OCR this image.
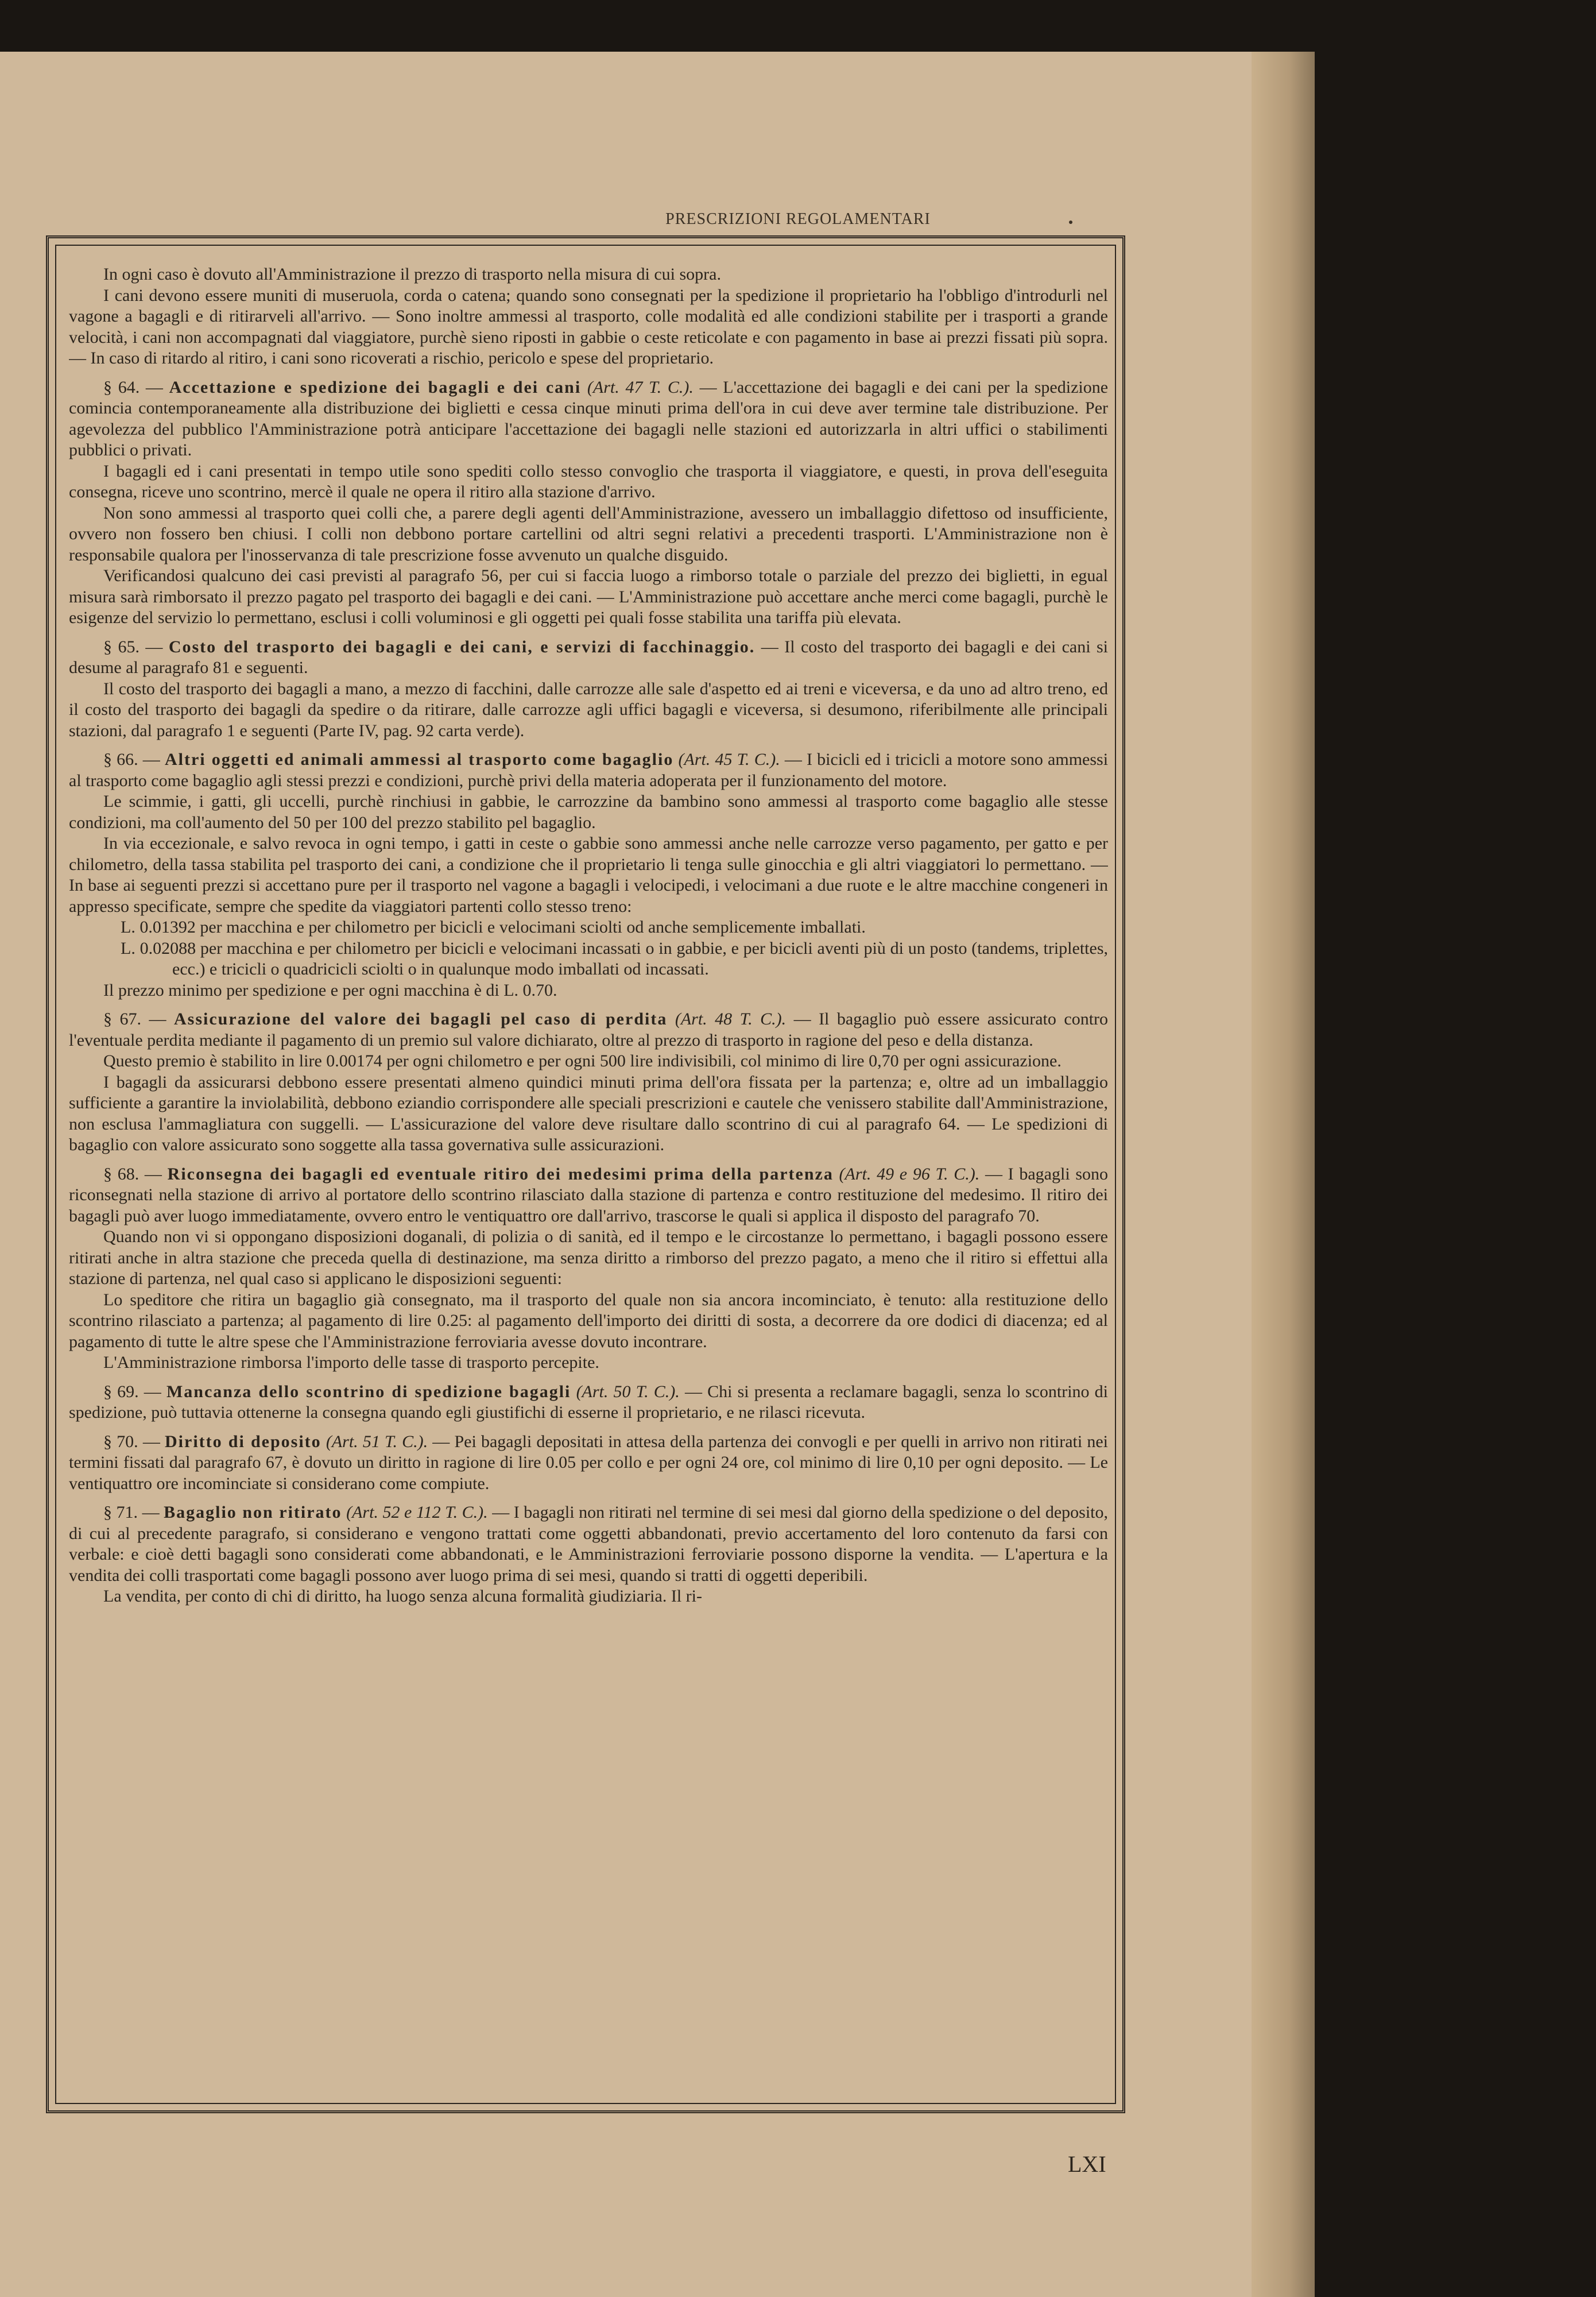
PRESCRIZIONI REGOLAMENTARI

In ogni caso è dovuto all'Amministrazione il prezzo di trasporto nella misura di cui sopra.

I cani devono essere muniti di museruola, corda o catena; quando sono consegnati per la spedizione il proprietario ha l'obbligo d'introdurli nel vagone a bagagli e di ritirarveli all'arrivo. — Sono inoltre ammessi al trasporto, colle modalità ed alle condizioni stabilite per i trasporti a grande velocità, i cani non accompagnati dal viaggiatore, purchè sieno riposti in gabbie o ceste reticolate e con pagamento in base ai prezzi fissati più sopra. — In caso di ritardo al ritiro, i cani sono ricoverati a rischio, pericolo e spese del proprietario.

§ 64. — Accettazione e spedizione dei bagagli e dei cani (Art. 47 T. C.). — L'accettazione dei bagagli e dei cani per la spedizione comincia contemporaneamente alla distribuzione dei biglietti e cessa cinque minuti prima dell'ora in cui deve aver termine tale distribuzione. Per agevolezza del pubblico l'Amministrazione potrà anticipare l'accettazione dei bagagli nelle stazioni ed autorizzarla in altri uffici o stabilimenti pubblici o privati.

I bagagli ed i cani presentati in tempo utile sono spediti collo stesso convoglio che trasporta il viaggiatore, e questi, in prova dell'eseguita consegna, riceve uno scontrino, mercè il quale ne opera il ritiro alla stazione d'arrivo.

Non sono ammessi al trasporto quei colli che, a parere degli agenti dell'Amministrazione, avessero un imballaggio difettoso od insufficiente, ovvero non fossero ben chiusi. I colli non debbono portare cartellini od altri segni relativi a precedenti trasporti. L'Amministrazione non è responsabile qualora per l'inosservanza di tale prescrizione fosse avvenuto un qualche disguido.

Verificandosi qualcuno dei casi previsti al paragrafo 56, per cui si faccia luogo a rimborso totale o parziale del prezzo dei biglietti, in egual misura sarà rimborsato il prezzo pagato pel trasporto dei bagagli e dei cani. — L'Amministrazione può accettare anche merci come bagagli, purchè le esigenze del servizio lo permettano, esclusi i colli voluminosi e gli oggetti pei quali fosse stabilita una tariffa più elevata.

§ 65. — Costo del trasporto dei bagagli e dei cani, e servizi di facchinaggio. — Il costo del trasporto dei bagagli e dei cani si desume al paragrafo 81 e seguenti.

Il costo del trasporto dei bagagli a mano, a mezzo di facchini, dalle carrozze alle sale d'aspetto ed ai treni e viceversa, e da uno ad altro treno, ed il costo del trasporto dei bagagli da spedire o da ritirare, dalle carrozze agli uffici bagagli e viceversa, si desumono, riferibilmente alle principali stazioni, dal paragrafo 1 e seguenti (Parte IV, pag. 92 carta verde).

§ 66. — Altri oggetti ed animali ammessi al trasporto come bagaglio (Art. 45 T. C.). — I bicicli ed i tricicli a motore sono ammessi al trasporto come bagaglio agli stessi prezzi e condizioni, purchè privi della materia adoperata per il funzionamento del motore.

Le scimmie, i gatti, gli uccelli, purchè rinchiusi in gabbie, le carrozzine da bambino sono ammessi al trasporto come bagaglio alle stesse condizioni, ma coll'aumento del 50 per 100 del prezzo stabilito pel bagaglio.

In via eccezionale, e salvo revoca in ogni tempo, i gatti in ceste o gabbie sono ammessi anche nelle carrozze verso pagamento, per gatto e per chilometro, della tassa stabilita pel trasporto dei cani, a condizione che il proprietario li tenga sulle ginocchia e gli altri viaggiatori lo permettano. — In base ai seguenti prezzi si accettano pure per il trasporto nel vagone a bagagli i velocipedi, i velocimani a due ruote e le altre macchine congeneri in appresso specificate, sempre che spedite da viaggiatori partenti collo stesso treno:

L. 0.01392 per macchina e per chilometro per bicicli e velocimani sciolti od anche semplicemente imballati.

L. 0.02088 per macchina e per chilometro per bicicli e velocimani incassati o in gabbie, e per bicicli aventi più di un posto (tandems, triplettes, ecc.) e tricicli o quadricicli sciolti o in qualunque modo imballati od incassati.

Il prezzo minimo per spedizione e per ogni macchina è di L. 0.70.

§ 67. — Assicurazione del valore dei bagagli pel caso di perdita (Art. 48 T. C.). — Il bagaglio può essere assicurato contro l'eventuale perdita mediante il pagamento di un premio sul valore dichiarato, oltre al prezzo di trasporto in ragione del peso e della distanza.

Questo premio è stabilito in lire 0.00174 per ogni chilometro e per ogni 500 lire indivisibili, col minimo di lire 0,70 per ogni assicurazione.

I bagagli da assicurarsi debbono essere presentati almeno quindici minuti prima dell'ora fissata per la partenza; e, oltre ad un imballaggio sufficiente a garantire la inviolabilità, debbono eziandio corrispondere alle speciali prescrizioni e cautele che venissero stabilite dall'Amministrazione, non esclusa l'ammagliatura con suggelli. — L'assicurazione del valore deve risultare dallo scontrino di cui al paragrafo 64. — Le spedizioni di bagaglio con valore assicurato sono soggette alla tassa governativa sulle assicurazioni.

§ 68. — Riconsegna dei bagagli ed eventuale ritiro dei medesimi prima della partenza (Art. 49 e 96 T. C.). — I bagagli sono riconsegnati nella stazione di arrivo al portatore dello scontrino rilasciato dalla stazione di partenza e contro restituzione del medesimo. Il ritiro dei bagagli può aver luogo immediatamente, ovvero entro le ventiquattro ore dall'arrivo, trascorse le quali si applica il disposto del paragrafo 70.

Quando non vi si oppongano disposizioni doganali, di polizia o di sanità, ed il tempo e le circostanze lo permettano, i bagagli possono essere ritirati anche in altra stazione che preceda quella di destinazione, ma senza diritto a rimborso del prezzo pagato, a meno che il ritiro si effettui alla stazione di partenza, nel qual caso si applicano le disposizioni seguenti:

Lo speditore che ritira un bagaglio già consegnato, ma il trasporto del quale non sia ancora incominciato, è tenuto: alla restituzione dello scontrino rilasciato a partenza; al pagamento di lire 0.25: al pagamento dell'importo dei diritti di sosta, a decorrere da ore dodici di diacenza; ed al pagamento di tutte le altre spese che l'Amministrazione ferroviaria avesse dovuto incontrare.

L'Amministrazione rimborsa l'importo delle tasse di trasporto percepite.

§ 69. — Mancanza dello scontrino di spedizione bagagli (Art. 50 T. C.). — Chi si presenta a reclamare bagagli, senza lo scontrino di spedizione, può tuttavia ottenerne la consegna quando egli giustifichi di esserne il proprietario, e ne rilasci ricevuta.

§ 70. — Diritto di deposito (Art. 51 T. C.). — Pei bagagli depositati in attesa della partenza dei convogli e per quelli in arrivo non ritirati nei termini fissati dal paragrafo 67, è dovuto un diritto in ragione di lire 0.05 per collo e per ogni 24 ore, col minimo di lire 0,10 per ogni deposito. — Le ventiquattro ore incominciate si considerano come compiute.

§ 71. — Bagaglio non ritirato (Art. 52 e 112 T. C.). — I bagagli non ritirati nel termine di sei mesi dal giorno della spedizione o del deposito, di cui al precedente paragrafo, si considerano e vengono trattati come oggetti abbandonati, previo accertamento del loro contenuto da farsi con verbale: e cioè detti bagagli sono considerati come abbandonati, e le Amministrazioni ferroviarie possono disporne la vendita. — L'apertura e la vendita dei colli trasportati come bagagli possono aver luogo prima di sei mesi, quando si tratti di oggetti deperibili.

La vendita, per conto di chi di diritto, ha luogo senza alcuna formalità giudiziaria. Il ri-

LXI
